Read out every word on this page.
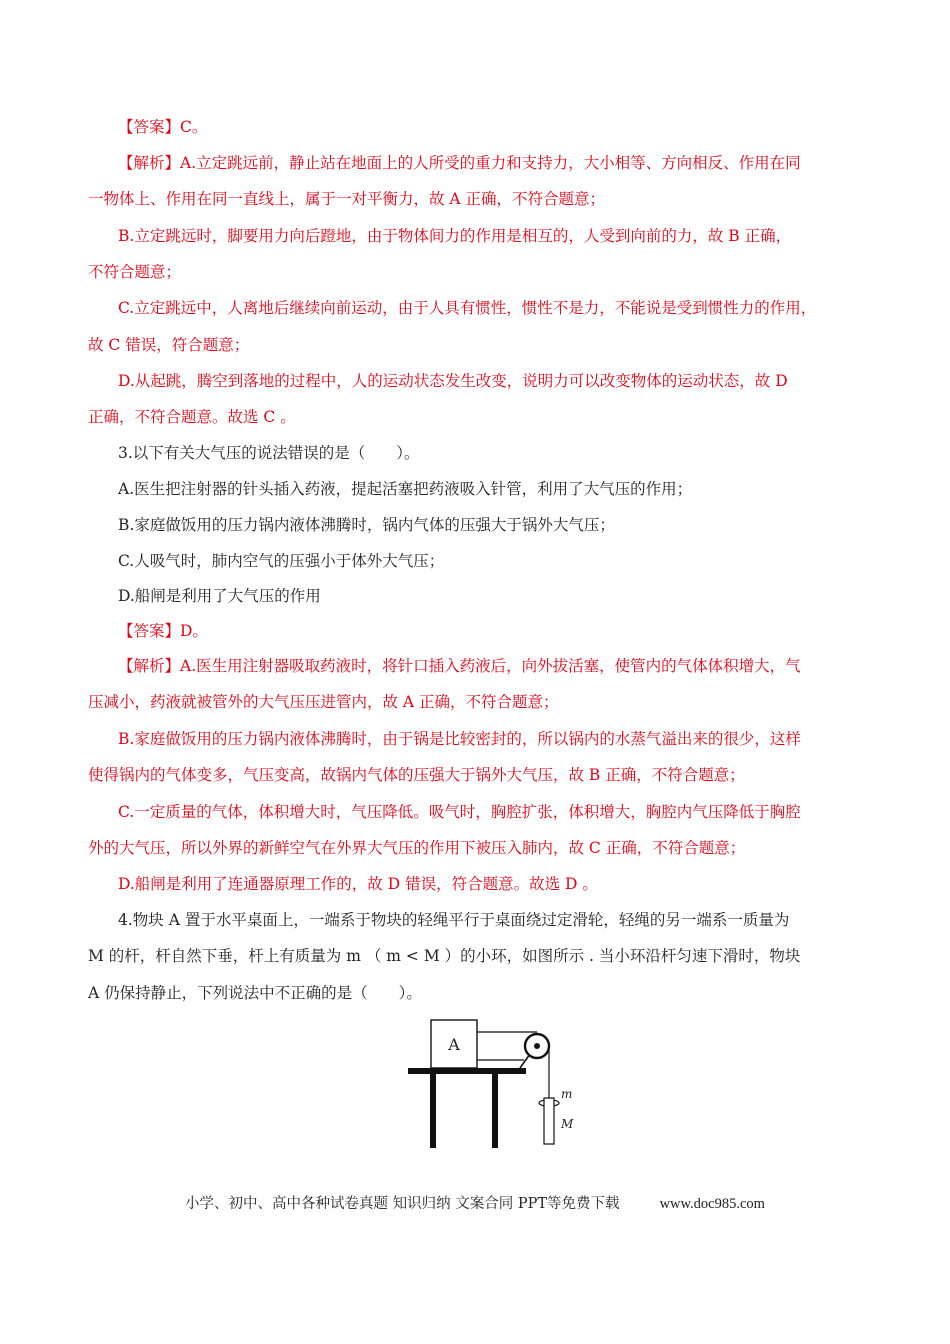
【答案】C。
【解析】A.立定跳远前，静止站在地面上的人所受的重力和支持力，大小相等、方向相反、作用在同
一物体上、作用在同一直线上，属于一对平衡力，故 A 正确，不符合题意；
B.立定跳远时，脚要用力向后蹬地，由于物体间力的作用是相互的，人受到向前的力，故 B 正确，
不符合题意；
C.立定跳远中，人离地后继续向前运动，由于人具有惯性，惯性不是力，不能说是受到惯性力的作用，
故 C 错误，符合题意；
D.从起跳，腾空到落地的过程中，人的运动状态发生改变，说明力可以改变物体的运动状态，故 D
正确，不符合题意。故选 C 。
3.以下有关大气压的说法错误的是（　　）。
A.医生把注射器的针头插入药液，提起活塞把药液吸入针管，利用了大气压的作用；
B.家庭做饭用的压力锅内液体沸腾时，锅内气体的压强大于锅外大气压；
C.人吸气时，肺内空气的压强小于体外大气压；
D.船闸是利用了大气压的作用
【答案】D。
【解析】A.医生用注射器吸取药液时，将针口插入药液后，向外拔活塞，使管内的气体体积增大，气
压减小，药液就被管外的大气压压进管内，故 A 正确，不符合题意；
B.家庭做饭用的压力锅内液体沸腾时，由于锅是比较密封的，所以锅内的水蒸气溢出来的很少，这样
使得锅内的气体变多，气压变高，故锅内气体的压强大于锅外大气压，故 B 正确，不符合题意；
C.一定质量的气体，体积增大时，气压降低。吸气时，胸腔扩张，体积增大，胸腔内气压降低于胸腔
外的大气压，所以外界的新鲜空气在外界大气压的作用下被压入肺内，故 C 正确，不符合题意；
D.船闸是利用了连通器原理工作的，故 D 错误，符合题意。故选 D 。
4.物块 A 置于水平桌面上，一端系于物块的轻绳平行于桌面绕过定滑轮，轻绳的另一端系一质量为
M 的杆，杆自然下垂，杆上有质量为 m （ m < M ）的小环，如图所示 . 当小环沿杆匀速下滑时，物块
A 仍保持静止，下列说法中不正确的是（　　）。
A
m
M
小学、初中、高中各种试卷真题 知识归纳 文案合同 PPT等免费下载	www.doc985.com
